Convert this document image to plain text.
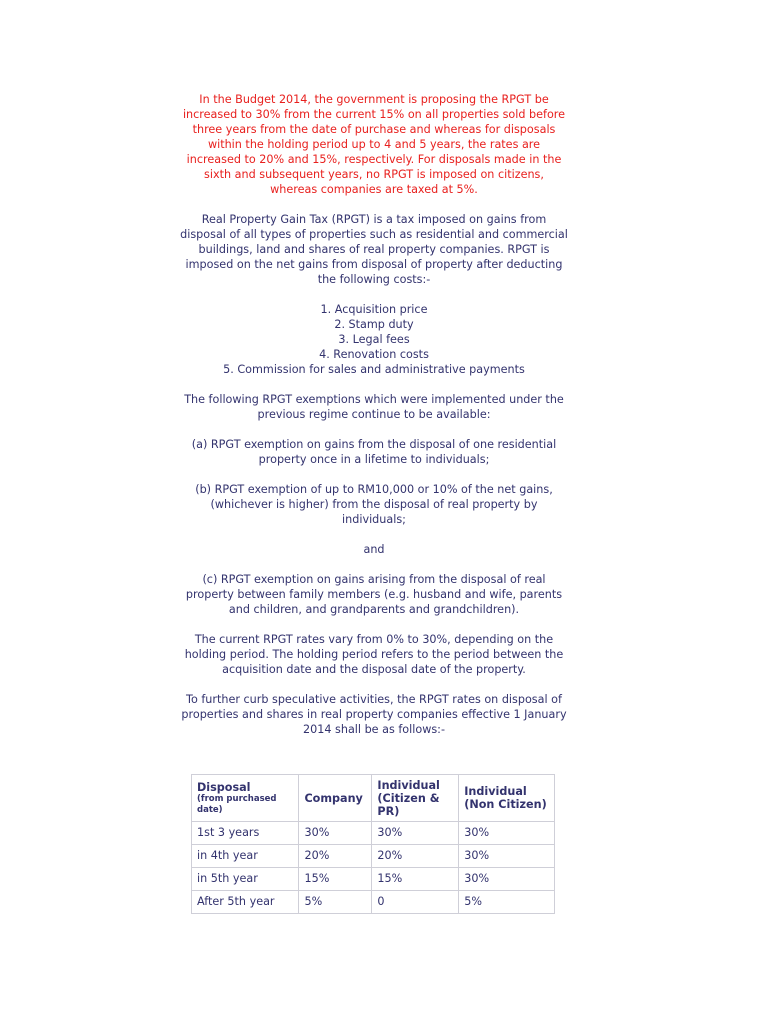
In the Budget 2014, the government is proposing the RPGT be increased to 30% from the current 15% on all properties sold before three years from the date of purchase and whereas for disposals within the holding period up to 4 and 5 years, the rates are increased to 20% and 15%, respectively. For disposals made in the sixth and subsequent years, no RPGT is imposed on citizens, whereas companies are taxed at 5%.

Real Property Gain Tax (RPGT) is a tax imposed on gains from disposal of all types of properties such as residential and commercial buildings, land and shares of real property companies. RPGT is imposed on the net gains from disposal of property after deducting the following costs:-

1. Acquisition price
2. Stamp duty
3. Legal fees
4. Renovation costs
5. Commission for sales and administrative payments

The following RPGT exemptions which were implemented under the previous regime continue to be available:

(a) RPGT exemption on gains from the disposal of one residential
property once in a lifetime to individuals;

(b) RPGT exemption of up to RM10,000 or 10% of the net gains, (whichever is higher) from the disposal of real property by individuals;

and

(c) RPGT exemption on gains arising from the disposal of real property between family members (e.g. husband and wife, parents and children, and grandparents and grandchildren).

The current RPGT rates vary from 0% to 30%, depending on the holding period. The holding period refers to the period between the acquisition date and the disposal date of the property.

To further curb speculative activities, the RPGT rates on disposal of properties and shares in real property companies effective 1 January 2014 shall be as follows:-

Disposal
(from purchased date)	Company	Individual (Citizen & PR)	Individual (Non Citizen)
1st 3 years	30%	30%	30%
in 4th year	20%	20%	30%
in 5th year	15%	15%	30%
After 5th year	5%	0	5%
